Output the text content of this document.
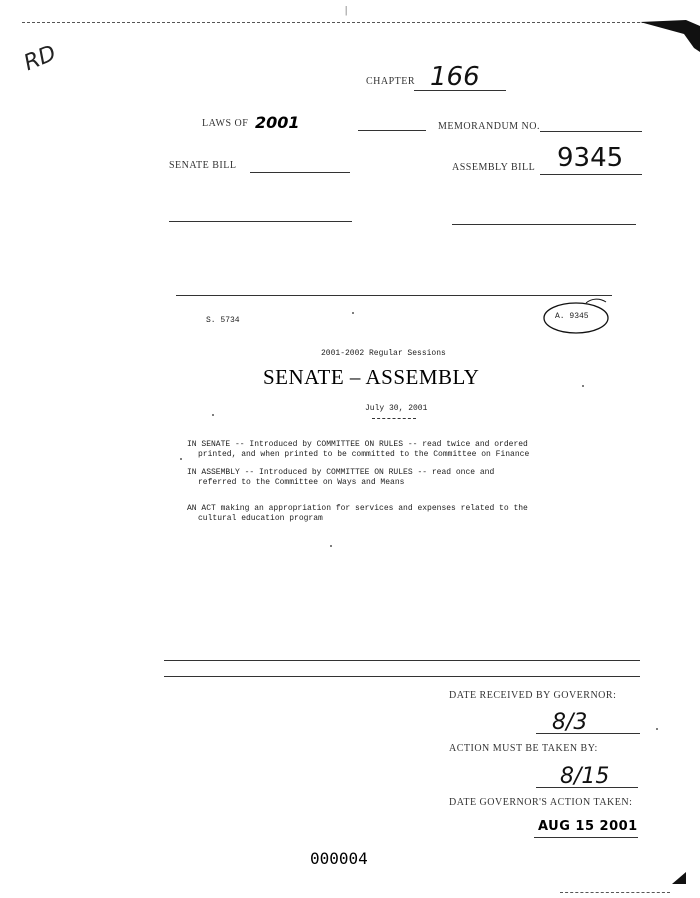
|
RD
CHAPTER 166
LAWS OF 2001	MEMORANDUM NO.
SENATE BILL	ASSEMBLY BILL 9345
S. 5734	A. 9345
2001-2002 Regular Sessions
SENATE – ASSEMBLY
July 30, 2001
IN SENATE -- Introduced by COMMITTEE ON RULES -- read twice and ordered
printed, and when printed to be committed to the Committee on Finance
IN ASSEMBLY -- Introduced by COMMITTEE ON RULES -- read once and
referred to the Committee on Ways and Means
AN ACT making an appropriation for services and expenses related to the
cultural education program
DATE RECEIVED BY GOVERNOR:
8/3
ACTION MUST BE TAKEN BY:
8/15
DATE GOVERNOR'S ACTION TAKEN:
AUG 15 2001
000004
